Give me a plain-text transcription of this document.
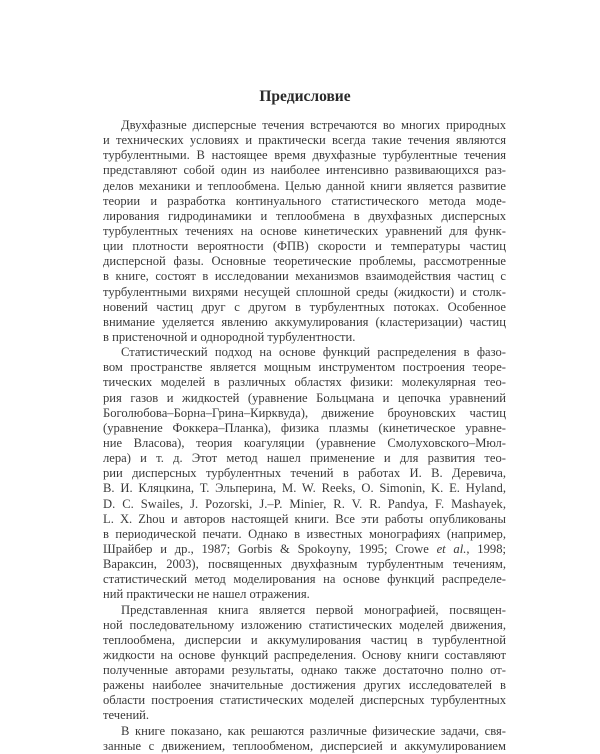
Предисловие
Двухфазные дисперсные течения встречаются во многих природных
и технических условиях и практически всегда такие течения являются
турбулентными. В настоящее время двухфазные турбулентные течения
представляют собой один из наиболее интенсивно развивающихся раз-
делов механики и теплообмена. Целью данной книги является развитие
теории и разработка континуального статистического метода моде-
лирования гидродинамики и теплообмена в двухфазных дисперсных
турбулентных течениях на основе кинетических уравнений для функ-
ции плотности вероятности (ФПВ) скорости и температуры частиц
дисперсной фазы. Основные теоретические проблемы, рассмотренные
в книге, состоят в исследовании механизмов взаимодействия частиц с
турбулентными вихрями несущей сплошной среды (жидкости) и столк-
новений частиц друг с другом в турбулентных потоках. Особенное
внимание уделяется явлению аккумулирования (кластеризации) частиц
в пристеночной и однородной турбулентности.
Статистический подход на основе функций распределения в фазо-
вом пространстве является мощным инструментом построения теоре-
тических моделей в различных областях физики: молекулярная тео-
рия газов и жидкостей (уравнение Больцмана и цепочка уравнений
Боголюбова–Борна–Грина–Кирквуда), движение броуновских частиц
(уравнение Фоккера–Планка), физика плазмы (кинетическое уравне-
ние Власова), теория коагуляции (уравнение Смолуховского–Мюл-
лера) и т. д. Этот метод нашел применение и для развития тео-
рии дисперсных турбулентных течений в работах И. В. Деревича,
В. И. Кляцкина, Т. Эльперина, M. W. Reeks, O. Simonin, K. E. Hyland,
D. C. Swailes, J. Pozorski, J.–P. Minier, R. V. R. Pandya, F. Mashayek,
L. X. Zhou и авторов настоящей книги. Все эти работы опубликованы
в периодической печати. Однако в известных монографиях (например,
Шрайбер и др., 1987; Gorbis & Spokoyny, 1995; Crowe et al., 1998;
Вараксин, 2003), посвященных двухфазным турбулентным течениям,
статистический метод моделирования на основе функций распределе-
ний практически не нашел отражения.
Представленная книга является первой монографией, посвящен-
ной последовательному изложению статистических моделей движения,
теплообмена, дисперсии и аккумулирования частиц в турбулентной
жидкости на основе функций распределения. Основу книги составляют
полученные авторами результаты, однако также достаточно полно от-
ражены наиболее значительные достижения других исследователей в
области построения статистических моделей дисперсных турбулентных
течений.
В книге показано, как решаются различные физические задачи, свя-
занные с движением, теплообменом, дисперсией и аккумулированием
